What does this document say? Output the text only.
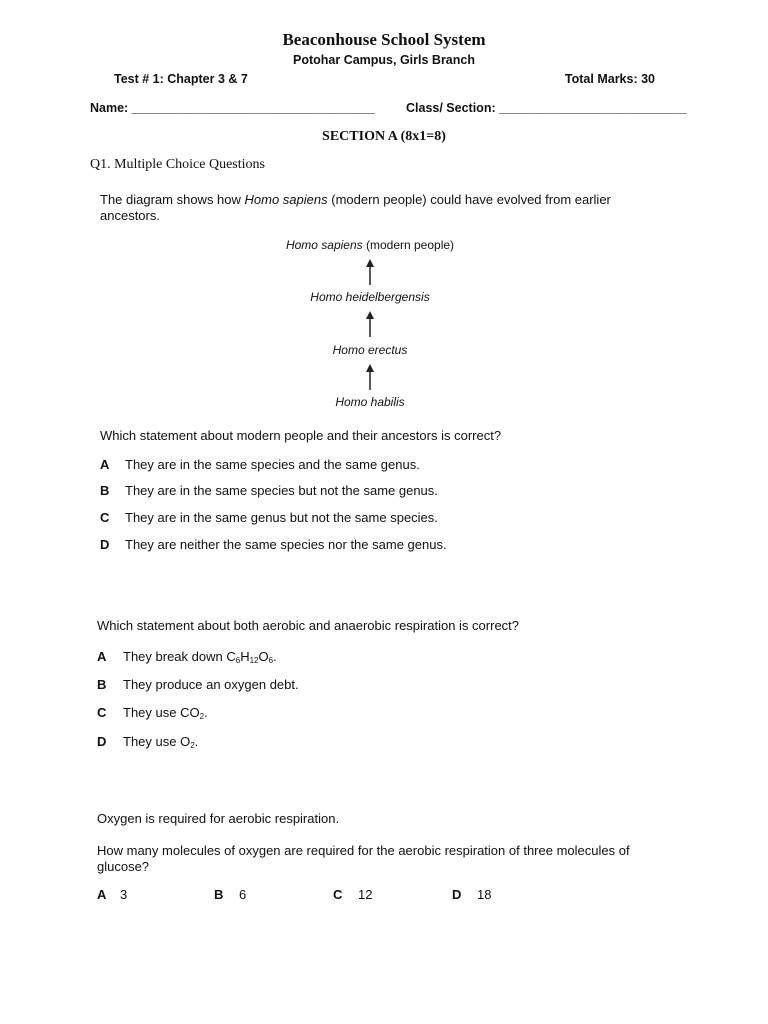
Beaconhouse School System
Potohar Campus, Girls Branch
Test # 1: Chapter 3 & 7	Total Marks: 30
Name: ___________________________________ Class/ Section: ___________________________
SECTION A (8x1=8)
Q1. Multiple Choice Questions
The diagram shows how Homo sapiens (modern people) could have evolved from earlier ancestors.
Homo sapiens (modern people)
Homo heidelbergensis
Homo erectus
Homo habilis
Which statement about modern people and their ancestors is correct?
A They are in the same species and the same genus.
B They are in the same species but not the same genus.
C They are in the same genus but not the same species.
D They are neither the same species nor the same genus.
Which statement about both aerobic and anaerobic respiration is correct?
A They break down $C_6H_{12}O_6$.
B They produce an oxygen debt.
C They use $CO_2$.
D They use $O_2$.
Oxygen is required for aerobic respiration.
How many molecules of oxygen are required for the aerobic respiration of three molecules of glucose?
A 3	B 6	C 12	D 18
